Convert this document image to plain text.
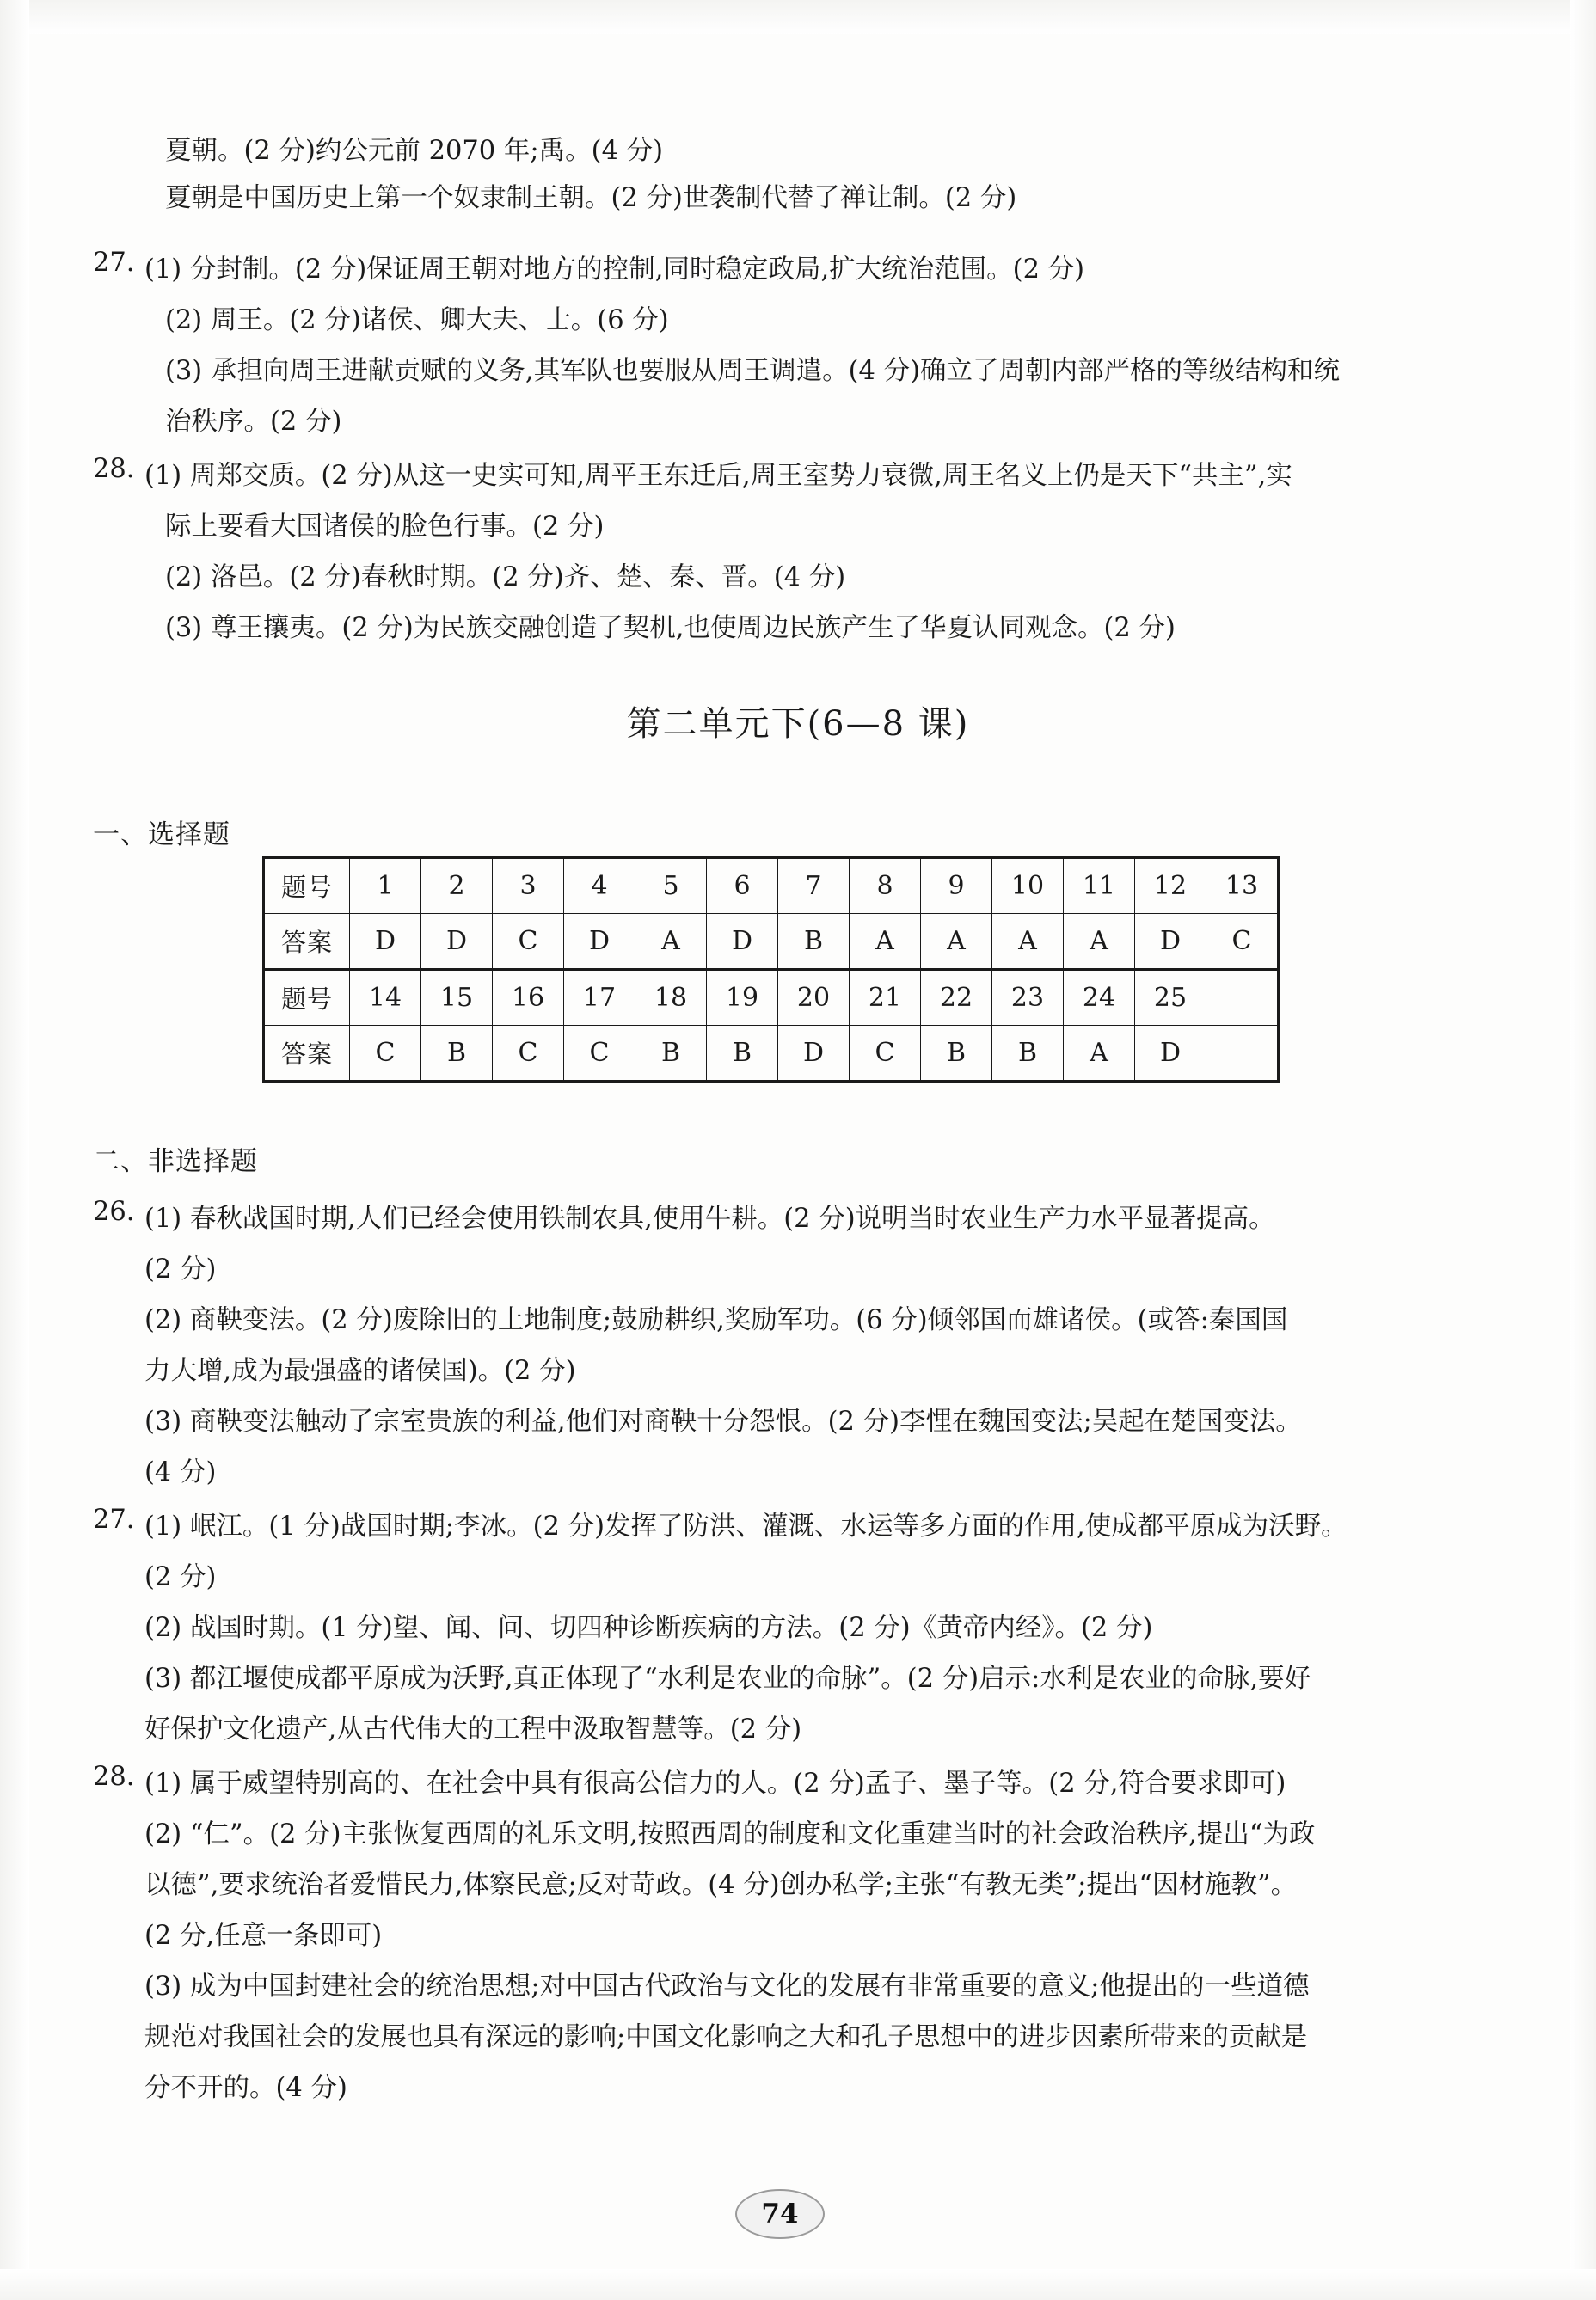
夏朝。(2 分)约公元前 2070 年;禹。(4 分)
夏朝是中国历史上第一个奴隶制王朝。(2 分)世袭制代替了禅让制。(2 分)
27. (1) 分封制。(2 分)保证周王朝对地方的控制,同时稳定政局,扩大统治范围。(2 分)
(2) 周王。(2 分)诸侯、卿大夫、士。(6 分)
(3) 承担向周王进献贡赋的义务,其军队也要服从周王调遣。(4 分)确立了周朝内部严格的等级结构和统
治秩序。(2 分)
28. (1) 周郑交质。(2 分)从这一史实可知,周平王东迁后,周王室势力衰微,周王名义上仍是天下“共主”,实
际上要看大国诸侯的脸色行事。(2 分)
(2) 洛邑。(2 分)春秋时期。(2 分)齐、楚、秦、晋。(4 分)
(3) 尊王攘夷。(2 分)为民族交融创造了契机,也使周边民族产生了华夏认同观念。(2 分)
第二单元下(6—8 课)
一、选择题
题号	1	2	3	4	5	6	7	8	9	10	11	12	13
答案	D	D	C	D	A	D	B	A	A	A	A	D	C
题号	14	15	16	17	18	19	20	21	22	23	24	25	
答案	C	B	C	C	B	B	D	C	B	B	A	D	
二、非选择题
26. (1) 春秋战国时期,人们已经会使用铁制农具,使用牛耕。(2 分)说明当时农业生产力水平显著提高。
(2 分)
(2) 商鞅变法。(2 分)废除旧的土地制度;鼓励耕织,奖励军功。(6 分)倾邻国而雄诸侯。(或答:秦国国
力大增,成为最强盛的诸侯国)。(2 分)
(3) 商鞅变法触动了宗室贵族的利益,他们对商鞅十分怨恨。(2 分)李悝在魏国变法;吴起在楚国变法。
(4 分)
27. (1) 岷江。(1 分)战国时期;李冰。(2 分)发挥了防洪、灌溉、水运等多方面的作用,使成都平原成为沃野。
(2 分)
(2) 战国时期。(1 分)望、闻、问、切四种诊断疾病的方法。(2 分)《黄帝内经》。(2 分)
(3) 都江堰使成都平原成为沃野,真正体现了“水利是农业的命脉”。(2 分)启示:水利是农业的命脉,要好
好保护文化遗产,从古代伟大的工程中汲取智慧等。(2 分)
28. (1) 属于威望特别高的、在社会中具有很高公信力的人。(2 分)孟子、墨子等。(2 分,符合要求即可)
(2) “仁”。(2 分)主张恢复西周的礼乐文明,按照西周的制度和文化重建当时的社会政治秩序,提出“为政
以德”,要求统治者爱惜民力,体察民意;反对苛政。(4 分)创办私学;主张“有教无类”;提出“因材施教”。
(2 分,任意一条即可)
(3) 成为中国封建社会的统治思想;对中国古代政治与文化的发展有非常重要的意义;他提出的一些道德
规范对我国社会的发展也具有深远的影响;中国文化影响之大和孔子思想中的进步因素所带来的贡献是
分不开的。(4 分)
74
